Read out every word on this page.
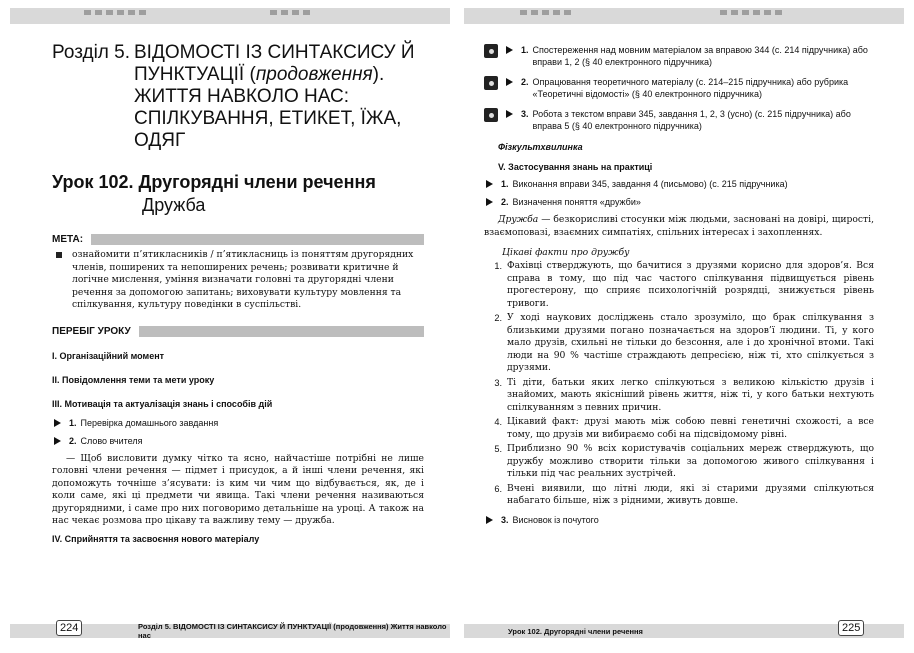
Розділ 5. ВІДОМОСТІ ІЗ СИНТАКСИСУ Й ПУНКТУАЦІЇ (продовження). ЖИТТЯ НАВКОЛО НАС: СПІЛКУВАННЯ, ЕТИКЕТ, ЇЖА, ОДЯГ
Урок 102. Другорядні члени речення
Дружба
МЕТА:
ознайомити п’ятикласників / п’ятикласниць із поняттям другорядних членів, поширених та непоширених речень; розвивати критичне й логічне мислення, уміння визначати головні та другорядні члени речення за допомогою запитань; виховувати культуру мовлення та спілкування, культуру поведінки в суспільстві.
ПЕРЕБІГ УРОКУ
I. Організаційний момент
II. Повідомлення теми та мети уроку
III. Мотивація та актуалізація знань і способів дій
1. Перевірка домашнього завдання
2. Слово вчителя
— Щоб висловити думку чітко та ясно, найчастіше потрібні не лише головні члени речення — підмет і присудок, а й інші члени речення, які допоможуть точніше з’ясувати: із ким чи чим що відбувається, як, де і коли саме, які ці предмети чи явища. Такі члени речення називаються другорядними, і саме про них поговоримо детальніше на уроці. А також на нас чекає розмова про цікаву та важливу тему — дружба.
IV. Сприйняття та засвоєння нового матеріалу
1. Спостереження над мовним матеріалом за вправою 344 (с. 214 підручника) або вправи 1, 2 (§ 40 електронного підручника)
2. Опрацювання теоретичного матеріалу (с. 214–215 підручника) або рубрика «Теоретичні відомості» (§ 40 електронного підручника)
3. Робота з текстом вправи 345, завдання 1, 2, 3 (усно) (с. 215 підручника) або вправа 5 (§ 40 електронного підручника)
Фізкультхвилинка
V. Застосування знань на практиці
1. Виконання вправи 345, завдання 4 (письмово) (с. 215 підручника)
2. Визначення поняття «дружби»
Дружба — безкорисливі стосунки між людьми, засновані на довірі, щирості, взаємоповазі, взаємних симпатіях, спільних інтересах і захопленнях.
Цікаві факти про дружбу
1. Фахівці стверджують, що бачитися з друзями корисно для здоров’я. Вся справа в тому, що під час частого спілкування підвищується рівень прогестерону, що сприяє психологічній розрядці, знижується рівень тривоги.
2. У ході наукових досліджень стало зрозуміло, що брак спілкування з близькими друзями погано позначається на здоров’ї людини. Ті, у кого мало друзів, схильні не тільки до безсоння, але і до хронічної втоми. Такі люди на 90 % частіше страждають депресією, ніж ті, хто спілкується з друзями.
3. Ті діти, батьки яких легко спілкуються з великою кількістю друзів і знайомих, мають якісніший рівень життя, ніж ті, у кого батьки нехтують спілкуванням з певних причин.
4. Цікавий факт: друзі мають між собою певні генетичні схожості, а все тому, що друзів ми вибираємо собі на підсвідомому рівні.
5. Приблизно 90 % всіх користувачів соціальних мереж стверджують, що дружбу можливо створити тільки за допомогою живого спілкування і тільки під час реальних зустрічей.
6. Вчені виявили, що літні люди, які зі старими друзями спілкуються набагато більше, ніж з рідними, живуть довше.
3. Висновок із почутого
Розділ 5. ВІДОМОСТІ ІЗ СИНТАКСИСУ Й ПУНКТУАЦІЇ (продовження) Життя навколо нас	Урок 102. Другорядні члени речення
224	225
